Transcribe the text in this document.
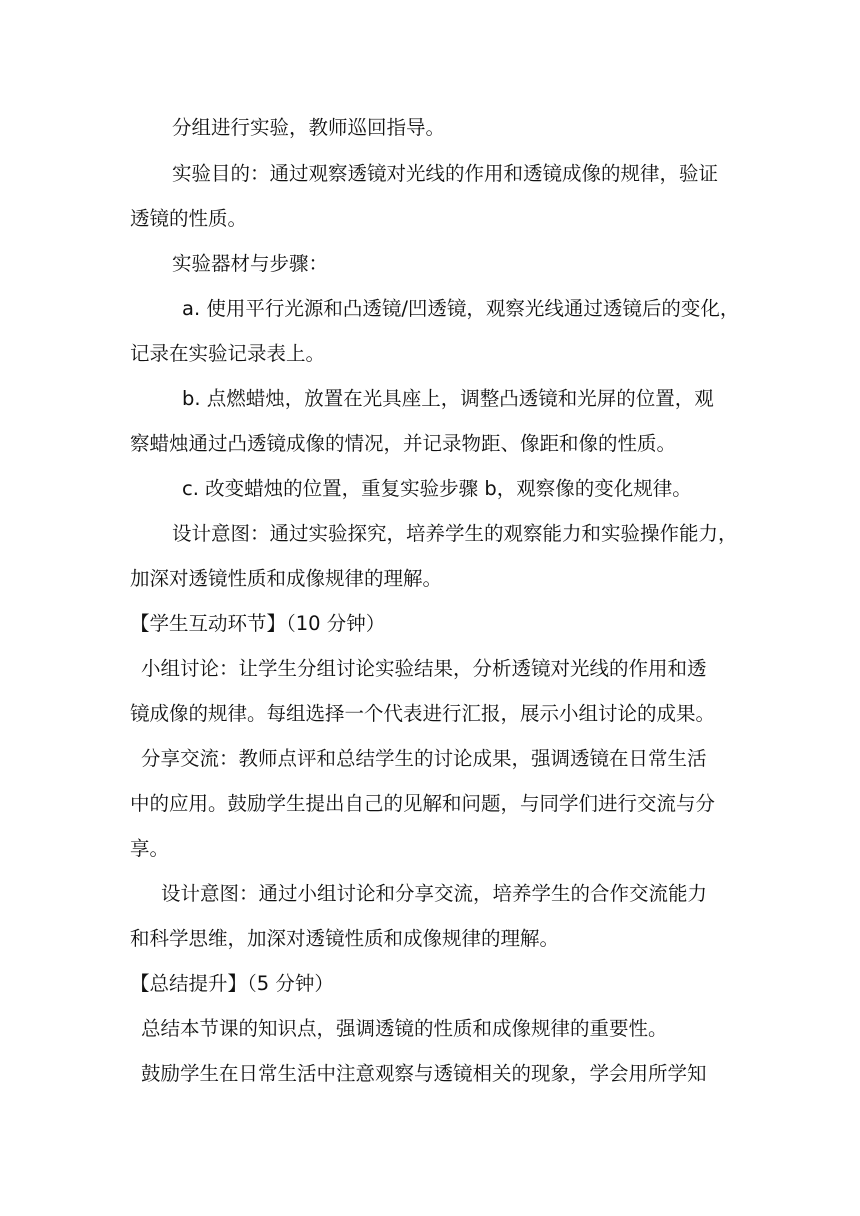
分组进行实验，教师巡回指导。
实验目的：通过观察透镜对光线的作用和透镜成像的规律，验证
透镜的性质。
实验器材与步骤：
a. 使用平行光源和凸透镜/凹透镜，观察光线通过透镜后的变化，
记录在实验记录表上。
b. 点燃蜡烛，放置在光具座上，调整凸透镜和光屏的位置，观
察蜡烛通过凸透镜成像的情况，并记录物距、像距和像的性质。
c. 改变蜡烛的位置，重复实验步骤 b，观察像的变化规律。
设计意图：通过实验探究，培养学生的观察能力和实验操作能力，
加深对透镜性质和成像规律的理解。
【学生互动环节】（10 分钟）
小组讨论：让学生分组讨论实验结果，分析透镜对光线的作用和透
镜成像的规律。每组选择一个代表进行汇报，展示小组讨论的成果。
分享交流：教师点评和总结学生的讨论成果，强调透镜在日常生活
中的应用。鼓励学生提出自己的见解和问题，与同学们进行交流与分
享。
设计意图：通过小组讨论和分享交流，培养学生的合作交流能力
和科学思维，加深对透镜性质和成像规律的理解。
【总结提升】（5 分钟）
总结本节课的知识点，强调透镜的性质和成像规律的重要性。
鼓励学生在日常生活中注意观察与透镜相关的现象，学会用所学知
